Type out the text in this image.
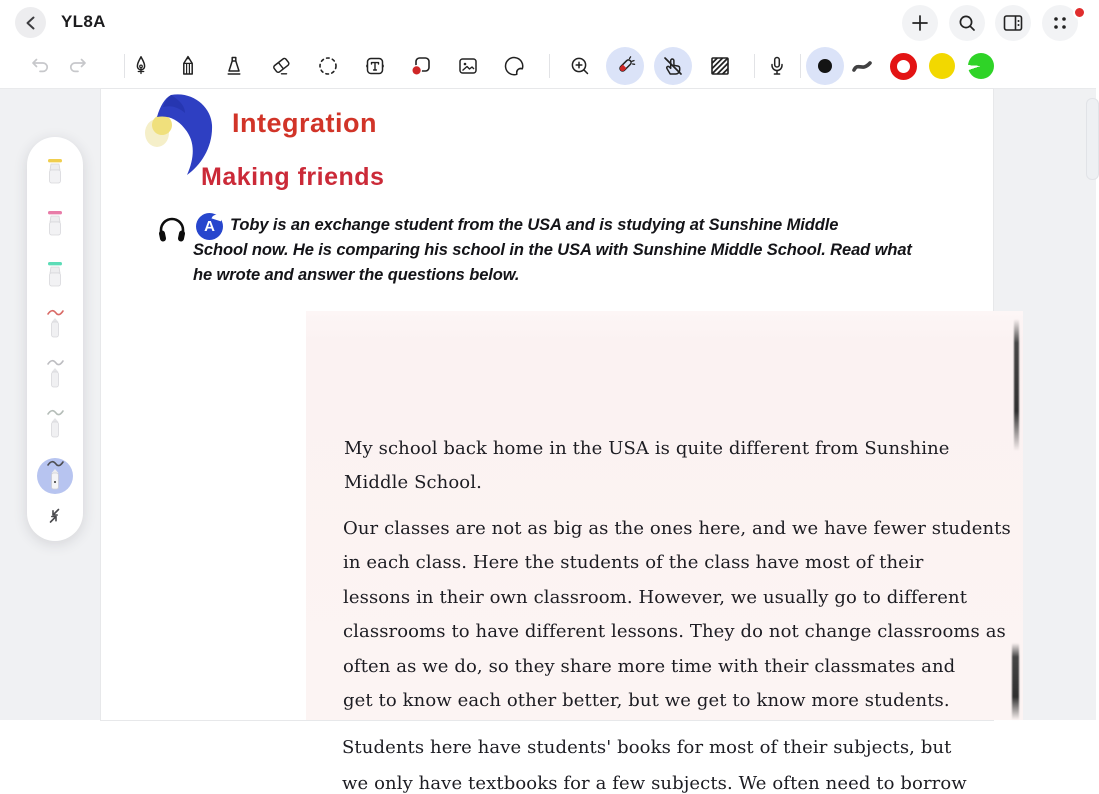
YL8A
Integration
Making friends
A Toby is an exchange student from the USA and is studying at Sunshine Middle
School now. He is comparing his school in the USA with Sunshine Middle School. Read what
he wrote and answer the questions below.
My school back home in the USA is quite different from Sunshine
Middle School.
Our classes are not as big as the ones here, and we have fewer students
in each class. Here the students of the class have most of their
lessons in their own classroom. However, we usually go to different
classrooms to have different lessons. They do not change classrooms as
often as we do, so they share more time with their classmates and
get to know each other better, but we get to know more students.
Students here have students' books for most of their subjects, but
we only have textbooks for a few subjects. We often need to borrow
